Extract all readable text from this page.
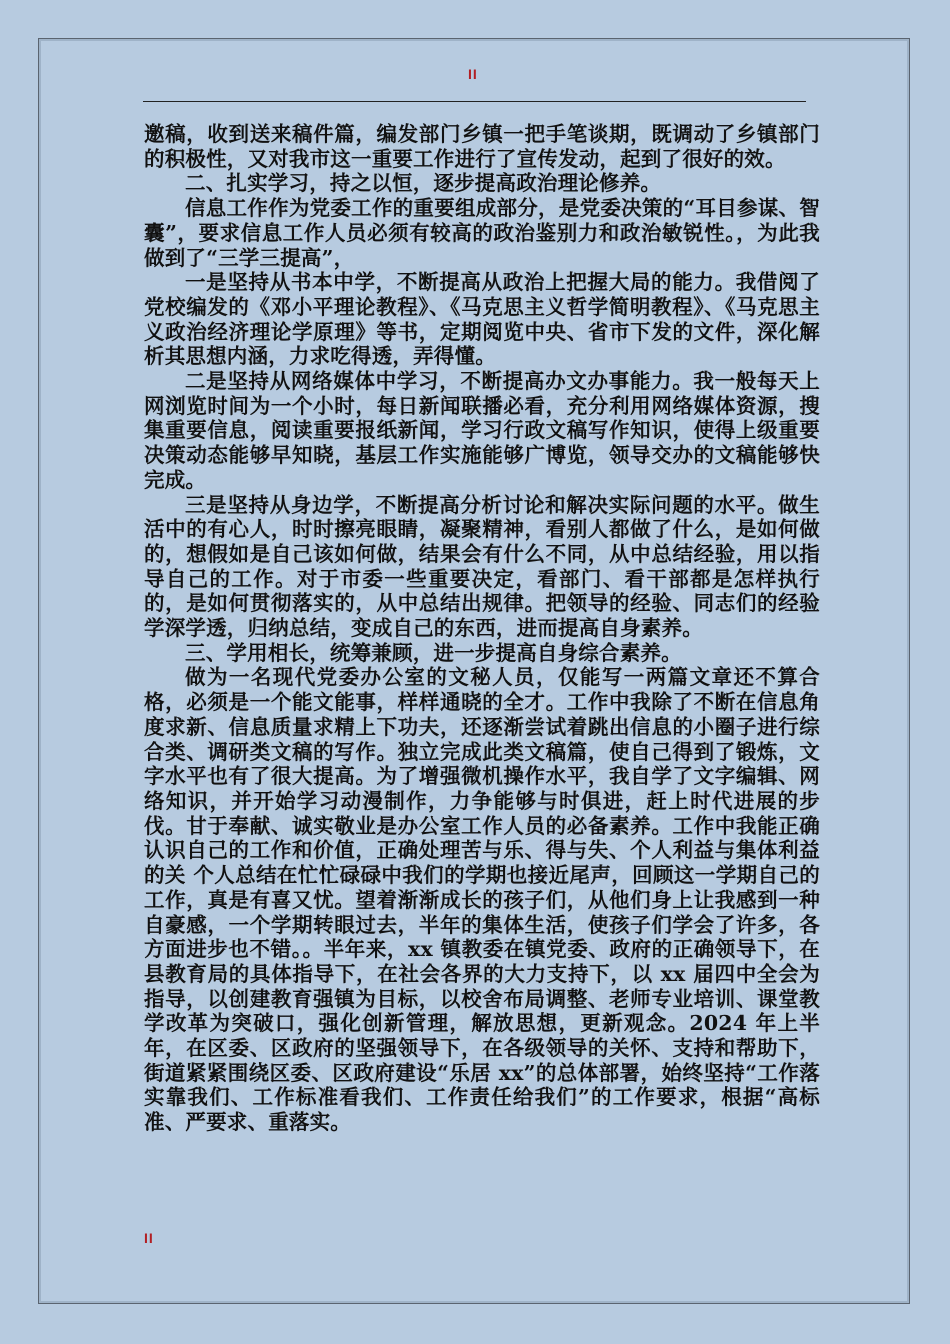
II

邀稿，收到送来稿件篇，编发部门乡镇一把手笔谈期，既调动了乡镇部门的积极性，又对我市这一重要工作进行了宣传发动，起到了很好的效。

二、扎实学习，持之以恒，逐步提高政治理论修养。

信息工作作为党委工作的重要组成部分，是党委决策的“耳目参谋、智囊”，要求信息工作人员必须有较高的政治鉴别力和政治敏锐性。，为此我做到了“三学三提高”，

一是坚持从书本中学，不断提高从政治上把握大局的能力。我借阅了党校编发的《邓小平理论教程》、《马克思主义哲学简明教程》、《马克思主义政治经济理论学原理》等书，定期阅览中央、省市下发的文件，深化解析其思想内涵，力求吃得透，弄得懂。

二是坚持从网络媒体中学习，不断提高办文办事能力。我一般每天上网浏览时间为一个小时，每日新闻联播必看，充分利用网络媒体资源，搜集重要信息，阅读重要报纸新闻，学习行政文稿写作知识，使得上级重要决策动态能够早知晓，基层工作实施能够广博览，领导交办的文稿能够快完成。

三是坚持从身边学，不断提高分析讨论和解决实际问题的水平。做生活中的有心人，时时擦亮眼睛，凝聚精神，看别人都做了什么，是如何做的，想假如是自己该如何做，结果会有什么不同，从中总结经验，用以指导自己的工作。对于市委一些重要决定，看部门、看干部都是怎样执行的，是如何贯彻落实的，从中总结出规律。把领导的经验、同志们的经验学深学透，归纳总结，变成自己的东西，进而提高自身素养。

三、学用相长，统筹兼顾，进一步提高自身综合素养。

做为一名现代党委办公室的文秘人员，仅能写一两篇文章还不算合格，必须是一个能文能事，样样通晓的全才。工作中我除了不断在信息角度求新、信息质量求精上下功夫，还逐渐尝试着跳出信息的小圈子进行综合类、调研类文稿的写作。独立完成此类文稿篇，使自己得到了锻炼，文字水平也有了很大提高。为了增强微机操作水平，我自学了文字编辑、网络知识，并开始学习动漫制作，力争能够与时俱进，赶上时代进展的步伐。甘于奉献、诚实敬业是办公室工作人员的必备素养。工作中我能正确认识自己的工作和价值，正确处理苦与乐、得与失、个人利益与集体利益的关 个人总结在忙忙碌碌中我们的学期也接近尾声，回顾这一学期自己的工作，真是有喜又忧。望着渐渐成长的孩子们，从他们身上让我感到一种自豪感，一个学期转眼过去，半年的集体生活，使孩子们学会了许多，各方面进步也不错。。半年来，xx 镇教委在镇党委、政府的正确领导下，在县教育局的具体指导下，在社会各界的大力支持下，以 xx 届四中全会为指导，以创建教育强镇为目标，以校舍布局调整、老师专业培训、课堂教学改革为突破口，强化创新管理，解放思想，更新观念。2024 年上半年，在区委、区政府的坚强领导下，在各级领导的关怀、支持和帮助下，街道紧紧围绕区委、区政府建设“乐居 xx”的总体部署，始终坚持“工作落实靠我们、工作标准看我们、工作责任给我们”的工作要求，根据“高标准、严要求、重落实。

II
